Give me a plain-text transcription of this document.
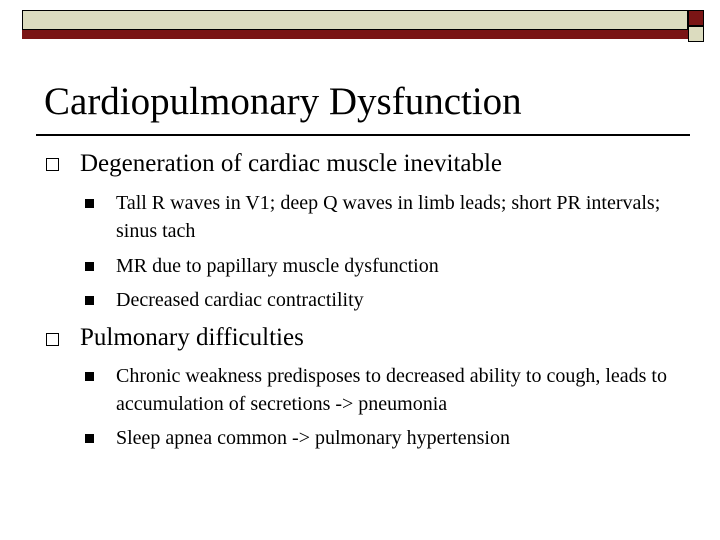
Cardiopulmonary Dysfunction
Degeneration of cardiac muscle inevitable
Tall R waves in V1; deep Q waves in limb leads; short PR intervals; sinus tach
MR due to papillary muscle dysfunction
Decreased cardiac contractility
Pulmonary difficulties
Chronic weakness predisposes to decreased ability to cough, leads to accumulation of secretions -> pneumonia
Sleep apnea common -> pulmonary hypertension
